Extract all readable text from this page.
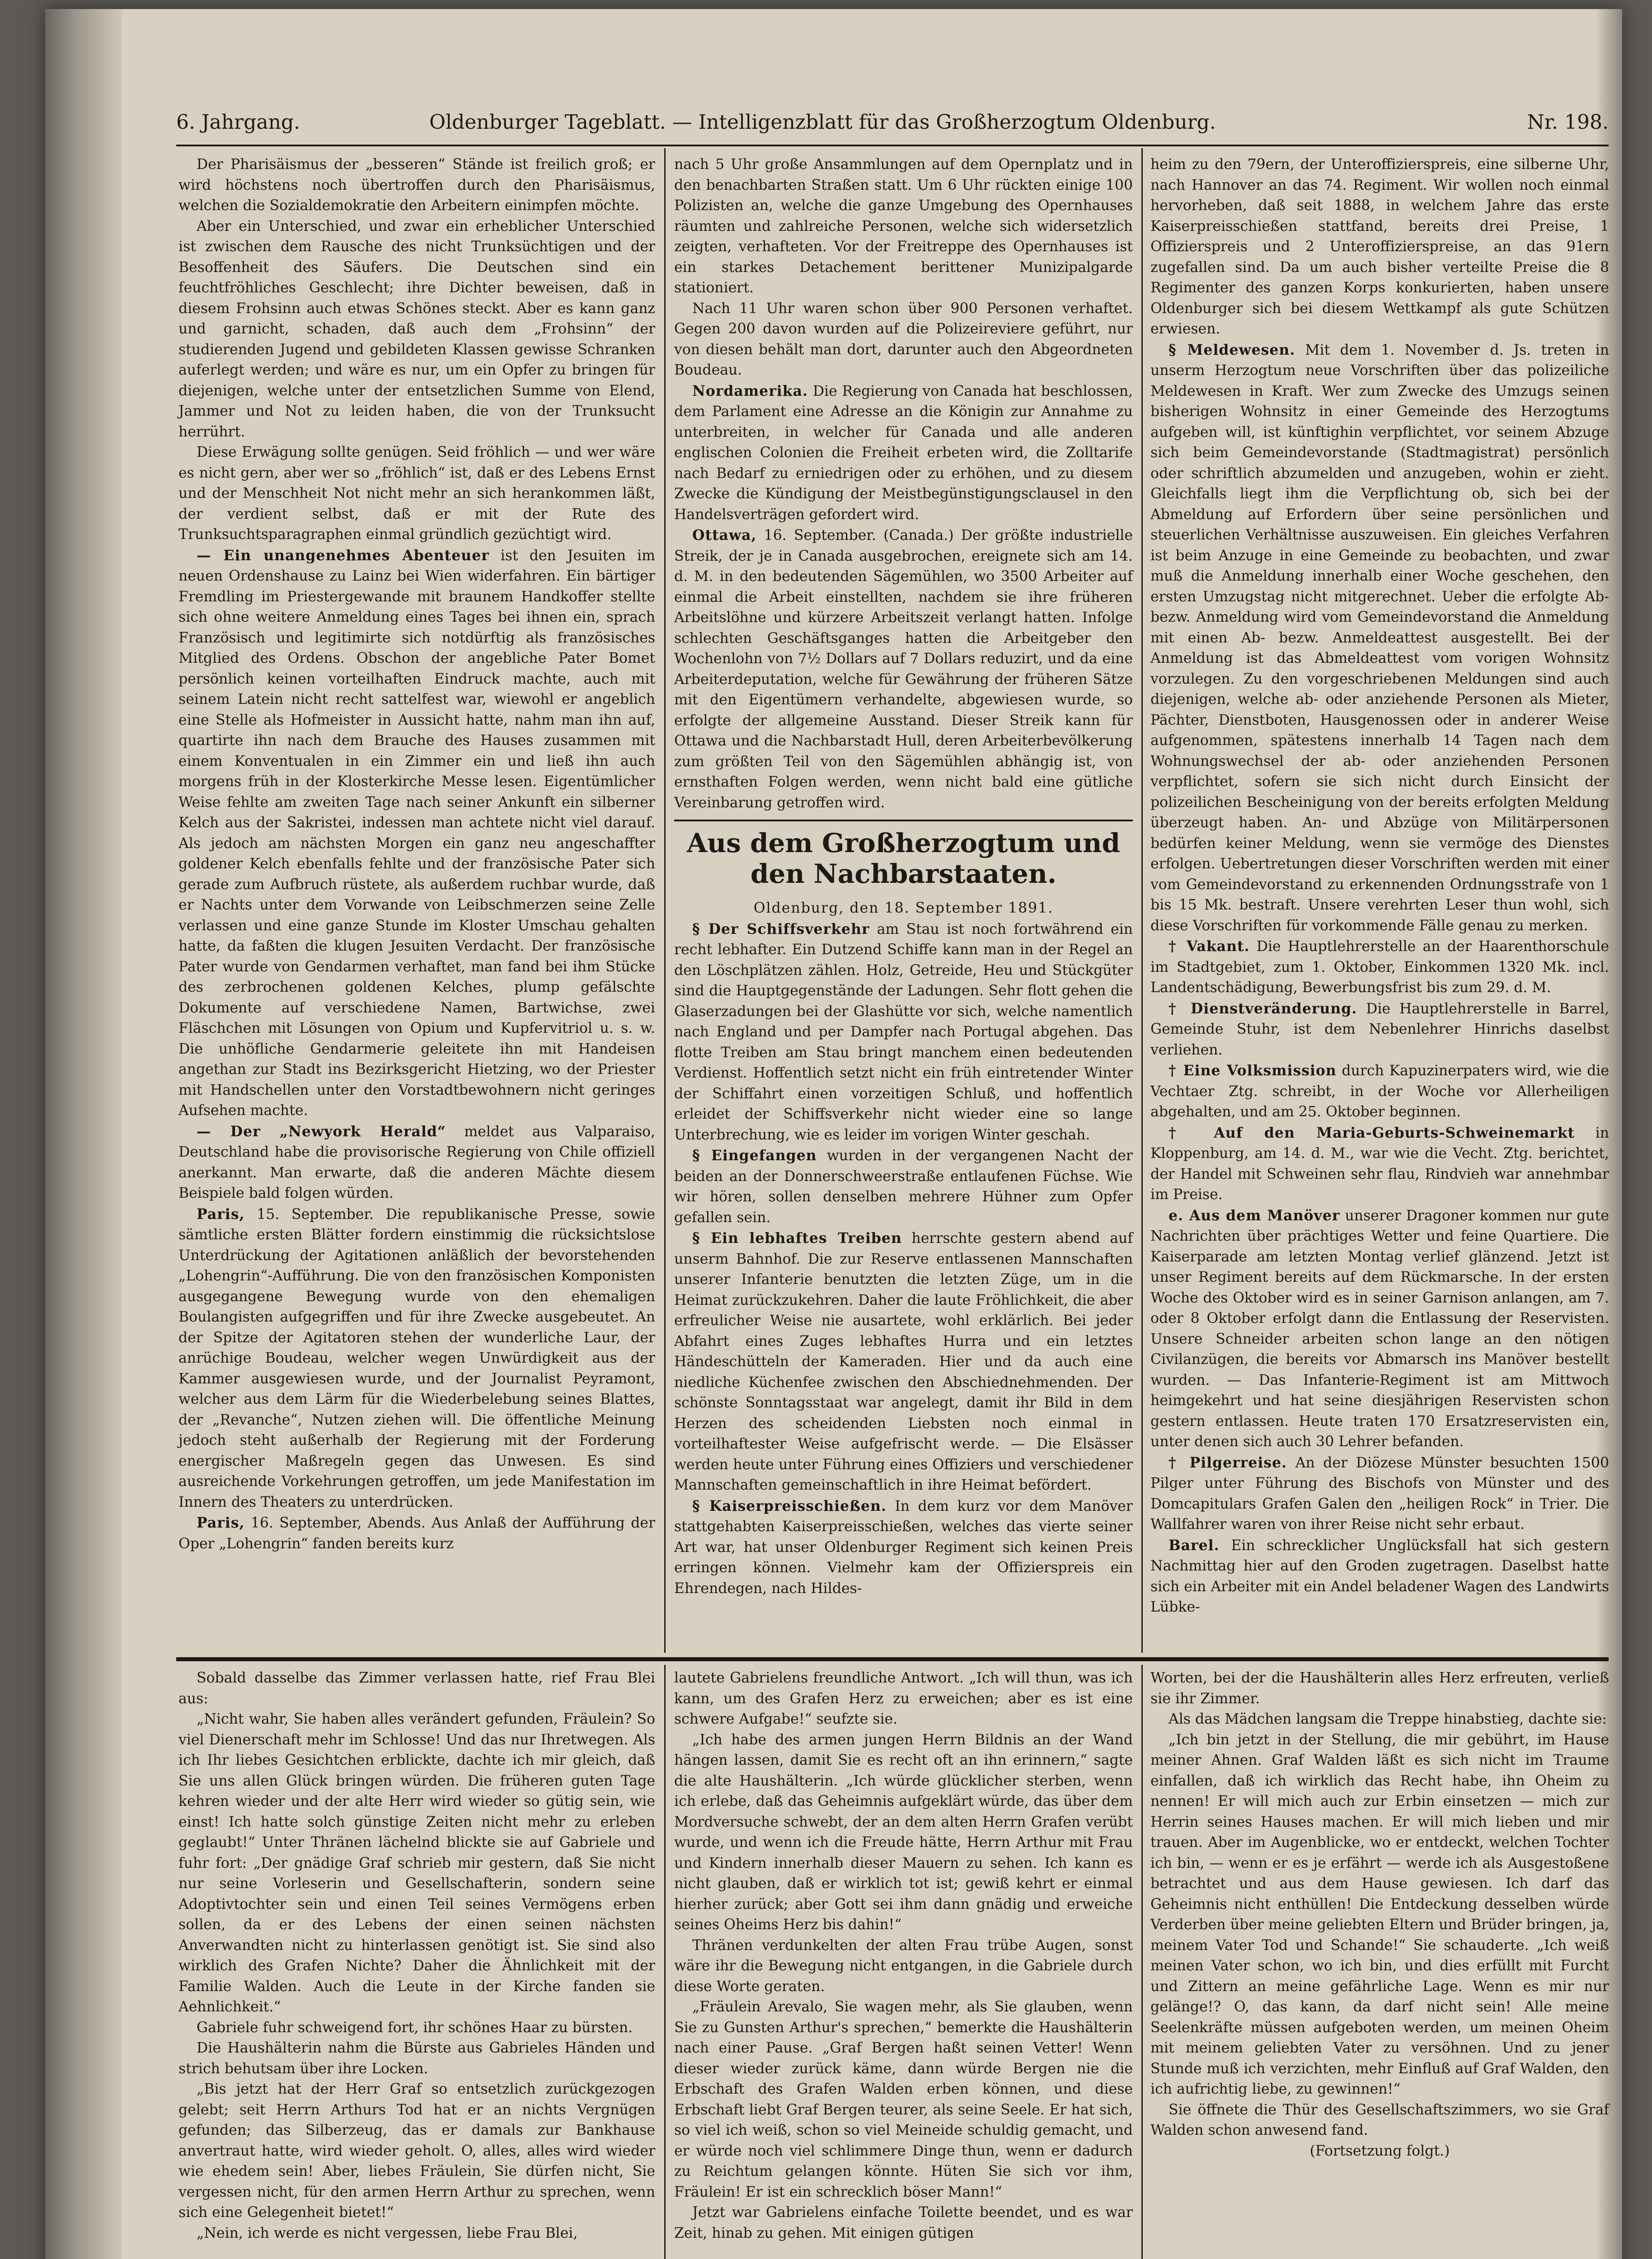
6. Jahrgang.	Oldenburger Tageblatt. — Intelligenzblatt für das Großherzogtum Oldenburg.	Nr. 198.

Der Pharisäismus der „besseren“ Stände ist freilich groß; er wird höchstens noch übertroffen durch den Pharisäismus, welchen die Sozialdemokratie den Arbeitern einimpfen möchte.

Aber ein Unterschied, und zwar ein erheblicher Unterschied ist zwischen dem Rausche des nicht Trunksüchtigen und der Besoffenheit des Säufers. Die Deutschen sind ein feuchtfröhliches Geschlecht; ihre Dichter beweisen, daß in diesem Frohsinn auch etwas Schönes steckt. Aber es kann ganz und garnicht, schaden, daß auch dem „Frohsinn“ der studierenden Jugend und gebildeten Klassen gewisse Schranken auferlegt werden; und wäre es nur, um ein Opfer zu bringen für diejenigen, welche unter der entsetzlichen Summe von Elend, Jammer und Not zu leiden haben, die von der Trunksucht herrührt.

Diese Erwägung sollte genügen. Seid fröhlich — und wer wäre es nicht gern, aber wer so „fröhlich“ ist, daß er des Lebens Ernst und der Menschheit Not nicht mehr an sich herankommen läßt, der verdient selbst, daß er mit der Rute des Trunksuchtsparagraphen einmal gründlich gezüchtigt wird.

— Ein unangenehmes Abenteuer ist den Jesuiten im neuen Ordenshause zu Lainz bei Wien widerfahren. Ein bärtiger Fremdling im Priestergewande mit braunem Handkoffer stellte sich ohne weitere Anmeldung eines Tages bei ihnen ein, sprach Französisch und legitimirte sich notdürftig als französisches Mitglied des Ordens. Obschon der angebliche Pater Bomet persönlich keinen vorteilhaften Eindruck machte, auch mit seinem Latein nicht recht sattelfest war, wiewohl er angeblich eine Stelle als Hofmeister in Aussicht hatte, nahm man ihn auf, quartirte ihn nach dem Brauche des Hauses zusammen mit einem Konventualen in ein Zimmer ein und ließ ihn auch morgens früh in der Klosterkirche Messe lesen. Eigentümlicher Weise fehlte am zweiten Tage nach seiner Ankunft ein silberner Kelch aus der Sakristei, indessen man achtete nicht viel darauf. Als jedoch am nächsten Morgen ein ganz neu angeschaffter goldener Kelch ebenfalls fehlte und der französische Pater sich gerade zum Aufbruch rüstete, als außerdem ruchbar wurde, daß er Nachts unter dem Vorwande von Leibschmerzen seine Zelle verlassen und eine ganze Stunde im Kloster Umschau gehalten hatte, da faßten die klugen Jesuiten Verdacht. Der französische Pater wurde von Gendarmen verhaftet, man fand bei ihm Stücke des zerbrochenen goldenen Kelches, plump gefälschte Dokumente auf verschiedene Namen, Bartwichse, zwei Fläschchen mit Lösungen von Opium und Kupfervitriol u. s. w. Die unhöfliche Gendarmerie geleitete ihn mit Handeisen angethan zur Stadt ins Bezirksgericht Hietzing, wo der Priester mit Handschellen unter den Vorstadtbewohnern nicht geringes Aufsehen machte.

— Der „Newyork Herald“ meldet aus Valparaiso, Deutschland habe die provisorische Regierung von Chile offiziell anerkannt. Man erwarte, daß die anderen Mächte diesem Beispiele bald folgen würden.

Paris, 15. September. Die republikanische Presse, sowie sämtliche ersten Blätter fordern einstimmig die rücksichtslose Unterdrückung der Agitationen anläßlich der bevorstehenden „Lohengrin“-Aufführung. Die von den französischen Komponisten ausgegangene Bewegung wurde von den ehemaligen Boulangisten aufgegriffen und für ihre Zwecke ausgebeutet. An der Spitze der Agitatoren stehen der wunderliche Laur, der anrüchige Boudeau, welcher wegen Unwürdigkeit aus der Kammer ausgewiesen wurde, und der Journalist Peyramont, welcher aus dem Lärm für die Wiederbelebung seines Blattes, der „Revanche“, Nutzen ziehen will. Die öffentliche Meinung jedoch steht außerhalb der Regierung mit der Forderung energischer Maßregeln gegen das Unwesen. Es sind ausreichende Vorkehrungen getroffen, um jede Manifestation im Innern des Theaters zu unterdrücken.

Paris, 16. September, Abends. Aus Anlaß der Aufführung der Oper „Lohengrin“ fanden bereits kurz

nach 5 Uhr große Ansammlungen auf dem Opernplatz und in den benachbarten Straßen statt. Um 6 Uhr rückten einige 100 Polizisten an, welche die ganze Umgebung des Opernhauses räumten und zahlreiche Personen, welche sich widersetzlich zeigten, verhafteten. Vor der Freitreppe des Opernhauses ist ein starkes Detachement berittener Munizipalgarde stationiert.

Nach 11 Uhr waren schon über 900 Personen verhaftet. Gegen 200 davon wurden auf die Polizeireviere geführt, nur von diesen behält man dort, darunter auch den Abgeordneten Boudeau.

Nordamerika. Die Regierung von Canada hat beschlossen, dem Parlament eine Adresse an die Königin zur Annahme zu unterbreiten, in welcher für Canada und alle anderen englischen Colonien die Freiheit erbeten wird, die Zolltarife nach Bedarf zu erniedrigen oder zu erhöhen, und zu diesem Zwecke die Kündigung der Meistbegünstigungsclausel in den Handelsverträgen gefordert wird.

Ottawa, 16. September. (Canada.) Der größte industrielle Streik, der je in Canada ausgebrochen, ereignete sich am 14. d. M. in den bedeutenden Sägemühlen, wo 3500 Arbeiter auf einmal die Arbeit einstellten, nachdem sie ihre früheren Arbeitslöhne und kürzere Arbeitszeit verlangt hatten. Infolge schlechten Geschäftsganges hatten die Arbeitgeber den Wochenlohn von 7½ Dollars auf 7 Dollars reduzirt, und da eine Arbeiterdeputation, welche für Gewährung der früheren Sätze mit den Eigentümern verhandelte, abgewiesen wurde, so erfolgte der allgemeine Ausstand. Dieser Streik kann für Ottawa und die Nachbarstadt Hull, deren Arbeiterbevölkerung zum größten Teil von den Sägemühlen abhängig ist, von ernsthaften Folgen werden, wenn nicht bald eine gütliche Vereinbarung getroffen wird.

Aus dem Großherzogtum und den Nachbarstaaten.

Oldenburg, den 18. September 1891.

§ Der Schiffsverkehr am Stau ist noch fortwährend ein recht lebhafter. Ein Dutzend Schiffe kann man in der Regel an den Löschplätzen zählen. Holz, Getreide, Heu und Stückgüter sind die Hauptgegenstände der Ladungen. Sehr flott gehen die Glaserzadungen bei der Glashütte vor sich, welche namentlich nach England und per Dampfer nach Portugal abgehen. Das flotte Treiben am Stau bringt manchem einen bedeutenden Verdienst. Hoffentlich setzt nicht ein früh eintretender Winter der Schiffahrt einen vorzeitigen Schluß, und hoffentlich erleidet der Schiffsverkehr nicht wieder eine so lange Unterbrechung, wie es leider im vorigen Winter geschah.

§ Eingefangen wurden in der vergangenen Nacht der beiden an der Donnerschweerstraße entlaufenen Füchse. Wie wir hören, sollen denselben mehrere Hühner zum Opfer gefallen sein.

§ Ein lebhaftes Treiben herrschte gestern abend auf unserm Bahnhof. Die zur Reserve entlassenen Mannschaften unserer Infanterie benutzten die letzten Züge, um in die Heimat zurückzukehren. Daher die laute Fröhlichkeit, die aber erfreulicher Weise nie ausartete, wohl erklärlich. Bei jeder Abfahrt eines Zuges lebhaftes Hurra und ein letztes Händeschütteln der Kameraden. Hier und da auch eine niedliche Küchenfee zwischen den Abschiednehmenden. Der schönste Sonntagsstaat war angelegt, damit ihr Bild in dem Herzen des scheidenden Liebsten noch einmal in vorteilhaftester Weise aufgefrischt werde. — Die Elsässer werden heute unter Führung eines Offiziers und verschiedener Mannschaften gemeinschaftlich in ihre Heimat befördert.

§ Kaiserpreisschießen. In dem kurz vor dem Manöver stattgehabten Kaiserpreisschießen, welches das vierte seiner Art war, hat unser Oldenburger Regiment sich keinen Preis erringen können. Vielmehr kam der Offizierspreis ein Ehrendegen, nach Hildes-

heim zu den 79ern, der Unteroffizierspreis, eine silberne Uhr, nach Hannover an das 74. Regiment. Wir wollen noch einmal hervorheben, daß seit 1888, in welchem Jahre das erste Kaiserpreisschießen stattfand, bereits drei Preise, 1 Offizierspreis und 2 Unteroffizierspreise, an das 91ern zugefallen sind. Da um auch bisher verteilte Preise die 8 Regimenter des ganzen Korps konkurierten, haben unsere Oldenburger sich bei diesem Wettkampf als gute Schützen erwiesen.

§ Meldewesen. Mit dem 1. November d. Js. treten in unserm Herzogtum neue Vorschriften über das polizeiliche Meldewesen in Kraft. Wer zum Zwecke des Umzugs seinen bisherigen Wohnsitz in einer Gemeinde des Herzogtums aufgeben will, ist künftighin verpflichtet, vor seinem Abzuge sich beim Gemeindevorstande (Stadtmagistrat) persönlich oder schriftlich abzumelden und anzugeben, wohin er zieht. Gleichfalls liegt ihm die Verpflichtung ob, sich bei der Abmeldung auf Erfordern über seine persönlichen und steuerlichen Verhältnisse auszuweisen. Ein gleiches Verfahren ist beim Anzuge in eine Gemeinde zu beobachten, und zwar muß die Anmeldung innerhalb einer Woche geschehen, den ersten Umzugstag nicht mitgerechnet. Ueber die erfolgte Ab- bezw. Anmeldung wird vom Gemeindevorstand die Anmeldung mit einen Ab- bezw. Anmeldeattest ausgestellt. Bei der Anmeldung ist das Abmeldeattest vom vorigen Wohnsitz vorzulegen. Zu den vorgeschriebenen Meldungen sind auch diejenigen, welche ab- oder anziehende Personen als Mieter, Pächter, Dienstboten, Hausgenossen oder in anderer Weise aufgenommen, spätestens innerhalb 14 Tagen nach dem Wohnungswechsel der ab- oder anziehenden Personen verpflichtet, sofern sie sich nicht durch Einsicht der polizeilichen Bescheinigung von der bereits erfolgten Meldung überzeugt haben. An- und Abzüge von Militärpersonen bedürfen keiner Meldung, wenn sie vermöge des Dienstes erfolgen. Uebertretungen dieser Vorschriften werden mit einer vom Gemeindevorstand zu erkennenden Ordnungsstrafe von 1 bis 15 Mk. bestraft. Unsere verehrten Leser thun wohl, sich diese Vorschriften für vorkommende Fälle genau zu merken.

† Vakant. Die Hauptlehrerstelle an der Haarenthorschule im Stadtgebiet, zum 1. Oktober, Einkommen 1320 Mk. incl. Landentschädigung, Bewerbungsfrist bis zum 29. d. M.

† Dienstveränderung. Die Hauptlehrerstelle in Barrel, Gemeinde Stuhr, ist dem Nebenlehrer Hinrichs daselbst verliehen.

† Eine Volksmission durch Kapuzinerpaters wird, wie die Vechtaer Ztg. schreibt, in der Woche vor Allerheiligen abgehalten, und am 25. Oktober beginnen.

† Auf den Maria-Geburts-Schweinemarkt in Kloppenburg, am 14. d. M., war wie die Vecht. Ztg. berichtet, der Handel mit Schweinen sehr flau, Rindvieh war annehmbar im Preise.

e. Aus dem Manöver unserer Dragoner kommen nur gute Nachrichten über prächtiges Wetter und feine Quartiere. Die Kaiserparade am letzten Montag verlief glänzend. Jetzt ist unser Regiment bereits auf dem Rückmarsche. In der ersten Woche des Oktober wird es in seiner Garnison anlangen, am 7. oder 8 Oktober erfolgt dann die Entlassung der Reservisten. Unsere Schneider arbeiten schon lange an den nötigen Civilanzügen, die bereits vor Abmarsch ins Manöver bestellt wurden. — Das Infanterie-Regiment ist am Mittwoch heimgekehrt und hat seine diesjährigen Reservisten schon gestern entlassen. Heute traten 170 Ersatzreservisten ein, unter denen sich auch 30 Lehrer befanden.

† Pilgerreise. An der Diözese Münster besuchten 1500 Pilger unter Führung des Bischofs von Münster und des Domcapitulars Grafen Galen den „heiligen Rock“ in Trier. Die Wallfahrer waren von ihrer Reise nicht sehr erbaut.

Barel. Ein schrecklicher Unglücksfall hat sich gestern Nachmittag hier auf den Groden zugetragen. Daselbst hatte sich ein Arbeiter mit ein Andel beladener Wagen des Landwirts Lübke-

Sobald dasselbe das Zimmer verlassen hatte, rief Frau Blei aus:

„Nicht wahr, Sie haben alles verändert gefunden, Fräulein? So viel Dienerschaft mehr im Schlosse! Und das nur Ihretwegen. Als ich Ihr liebes Gesichtchen erblickte, dachte ich mir gleich, daß Sie uns allen Glück bringen würden. Die früheren guten Tage kehren wieder und der alte Herr wird wieder so gütig sein, wie einst! Ich hatte solch günstige Zeiten nicht mehr zu erleben geglaubt!“ Unter Thränen lächelnd blickte sie auf Gabriele und fuhr fort: „Der gnädige Graf schrieb mir gestern, daß Sie nicht nur seine Vorleserin und Gesellschafterin, sondern seine Adoptivtochter sein und einen Teil seines Vermögens erben sollen, da er des Lebens der einen seinen nächsten Anverwandten nicht zu hinterlassen genötigt ist. Sie sind also wirklich des Grafen Nichte? Daher die Ähnlichkeit mit der Familie Walden. Auch die Leute in der Kirche fanden sie Aehnlichkeit.“

Gabriele fuhr schweigend fort, ihr schönes Haar zu bürsten.

Die Haushälterin nahm die Bürste aus Gabrieles Händen und strich behutsam über ihre Locken.

„Bis jetzt hat der Herr Graf so entsetzlich zurückgezogen gelebt; seit Herrn Arthurs Tod hat er an nichts Vergnügen gefunden; das Silberzeug, das er damals zur Bankhause anvertraut hatte, wird wieder geholt. O, alles, alles wird wieder wie ehedem sein! Aber, liebes Fräulein, Sie dürfen nicht, Sie vergessen nicht, für den armen Herrn Arthur zu sprechen, wenn sich eine Gelegenheit bietet!“

„Nein, ich werde es nicht vergessen, liebe Frau Blei,

lautete Gabrielens freundliche Antwort. „Ich will thun, was ich kann, um des Grafen Herz zu erweichen; aber es ist eine schwere Aufgabe!“ seufzte sie.

„Ich habe des armen jungen Herrn Bildnis an der Wand hängen lassen, damit Sie es recht oft an ihn erinnern,“ sagte die alte Haushälterin. „Ich würde glücklicher sterben, wenn ich erlebe, daß das Geheimnis aufgeklärt würde, das über dem Mordversuche schwebt, der an dem alten Herrn Grafen verübt wurde, und wenn ich die Freude hätte, Herrn Arthur mit Frau und Kindern innerhalb dieser Mauern zu sehen. Ich kann es nicht glauben, daß er wirklich tot ist; gewiß kehrt er einmal hierher zurück; aber Gott sei ihm dann gnädig und erweiche seines Oheims Herz bis dahin!“

Thränen verdunkelten der alten Frau trübe Augen, sonst wäre ihr die Bewegung nicht entgangen, in die Gabriele durch diese Worte geraten.

„Fräulein Arevalo, Sie wagen mehr, als Sie glauben, wenn Sie zu Gunsten Arthur's sprechen,“ bemerkte die Haushälterin nach einer Pause. „Graf Bergen haßt seinen Vetter! Wenn dieser wieder zurück käme, dann würde Bergen nie die Erbschaft des Grafen Walden erben können, und diese Erbschaft liebt Graf Bergen teurer, als seine Seele. Er hat sich, so viel ich weiß, schon so viel Meineide schuldig gemacht, und er würde noch viel schlimmere Dinge thun, wenn er dadurch zu Reichtum gelangen könnte. Hüten Sie sich vor ihm, Fräulein! Er ist ein schrecklich böser Mann!“

Jetzt war Gabrielens einfache Toilette beendet, und es war Zeit, hinab zu gehen. Mit einigen gütigen

Worten, bei der die Haushälterin alles Herz erfreuten, verließ sie ihr Zimmer.

Als das Mädchen langsam die Treppe hinabstieg, dachte sie:

„Ich bin jetzt in der Stellung, die mir gebührt, im Hause meiner Ahnen. Graf Walden läßt es sich nicht im Traume einfallen, daß ich wirklich das Recht habe, ihn Oheim zu nennen! Er will mich auch zur Erbin einsetzen — mich zur Herrin seines Hauses machen. Er will mich lieben und mir trauen. Aber im Augenblicke, wo er entdeckt, welchen Tochter ich bin, — wenn er es je erfährt — werde ich als Ausgestoßene betrachtet und aus dem Hause gewiesen. Ich darf das Geheimnis nicht enthüllen! Die Entdeckung desselben würde Verderben über meine geliebten Eltern und Brüder bringen, ja, meinem Vater Tod und Schande!“ Sie schauderte. „Ich weiß meinen Vater schon, wo ich bin, und dies erfüllt mit Furcht und Zittern an meine gefährliche Lage. Wenn es mir nur gelänge!? O, das kann, da darf nicht sein! Alle meine Seelenkräfte müssen aufgeboten werden, um meinen Oheim mit meinem geliebten Vater zu versöhnen. Und zu jener Stunde muß ich verzichten, mehr Einfluß auf Graf Walden, den ich aufrichtig liebe, zu gewinnen!“

Sie öffnete die Thür des Gesellschaftszimmers, wo sie Graf Walden schon anwesend fand.

(Fortsetzung folgt.)
